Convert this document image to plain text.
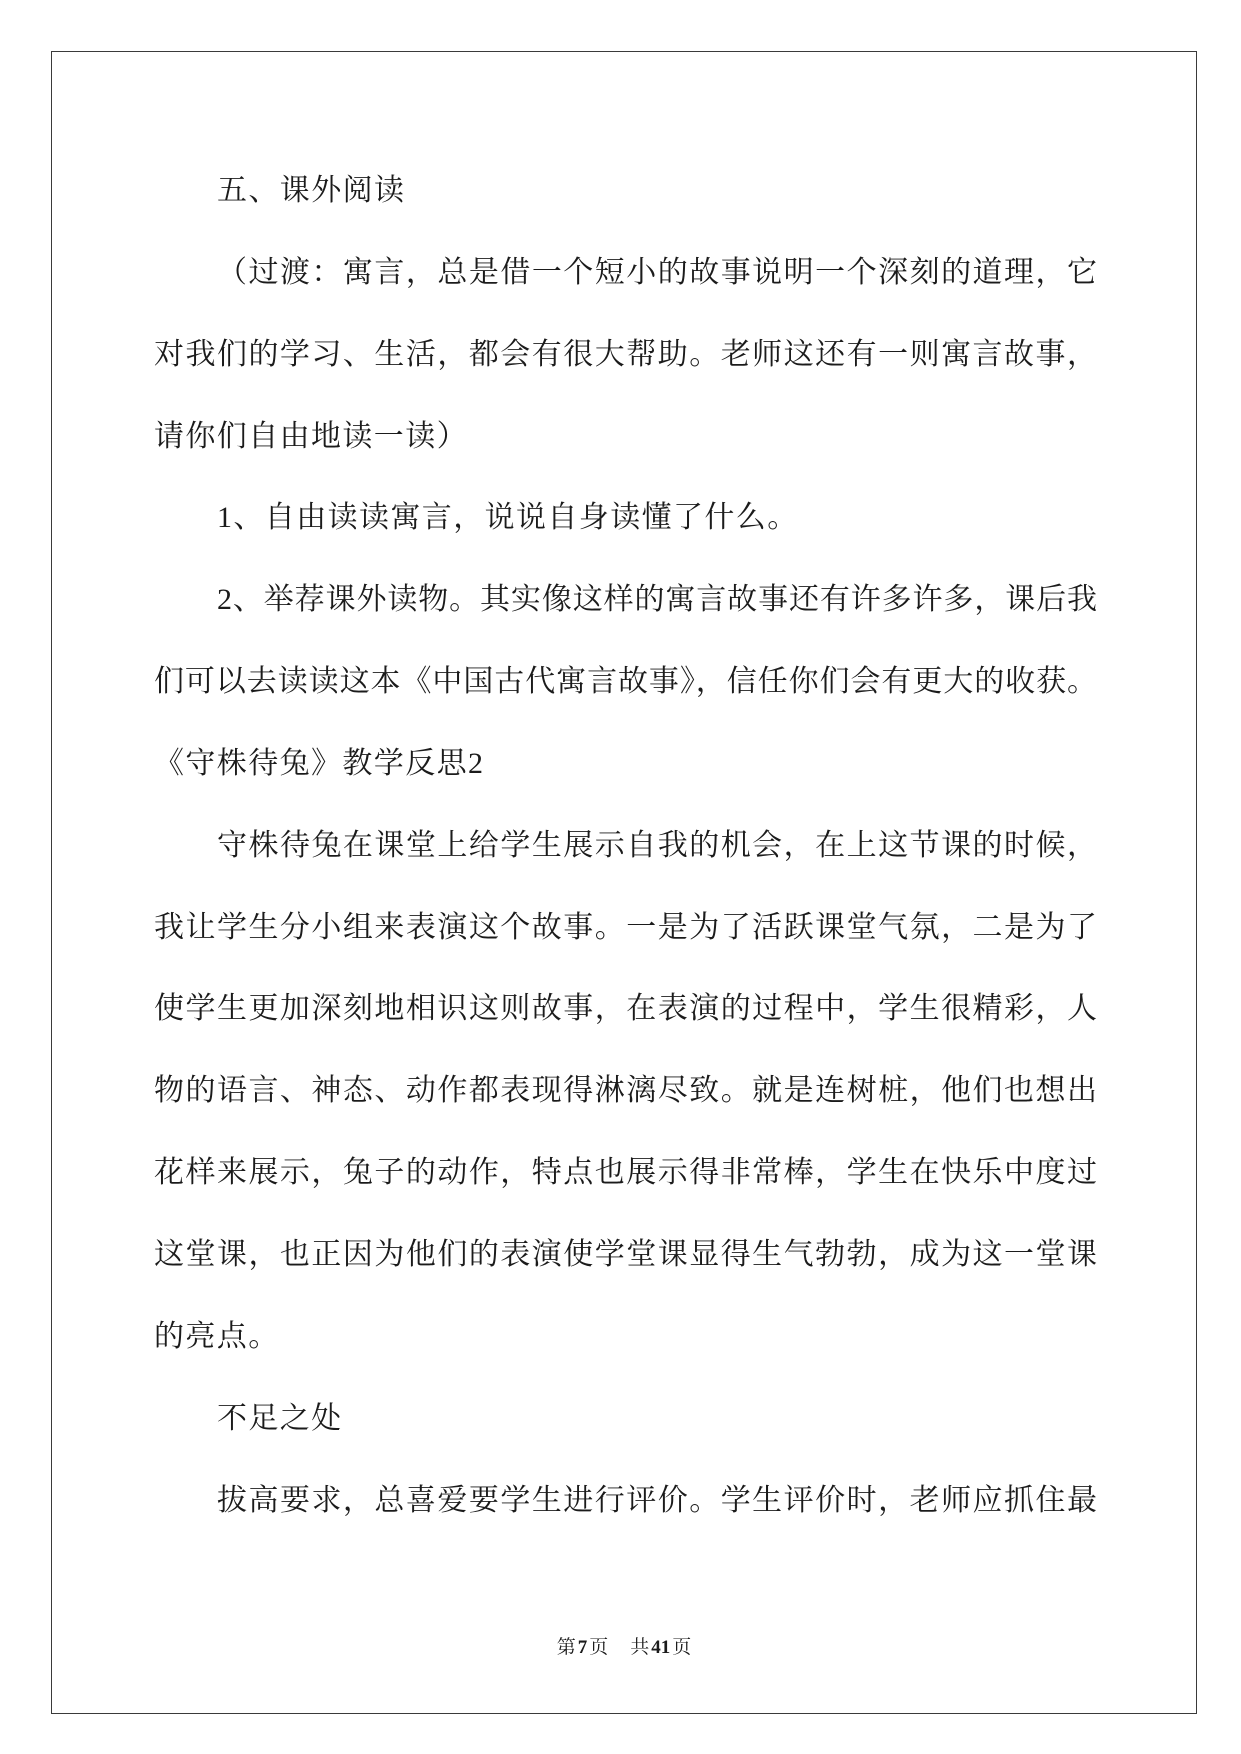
五、课外阅读
（过渡：寓言，总是借一个短小的故事说明一个深刻的道理，它
对我们的学习、生活，都会有很大帮助。老师这还有一则寓言故事，
请你们自由地读一读）
1、自由读读寓言，说说自身读懂了什么。
2、举荐课外读物。其实像这样的寓言故事还有许多许多，课后我
们可以去读读这本《中国古代寓言故事》，信任你们会有更大的收获。
《守株待兔》教学反思2
守株待兔在课堂上给学生展示自我的机会，在上这节课的时候，
我让学生分小组来表演这个故事。一是为了活跃课堂气氛，二是为了
使学生更加深刻地相识这则故事，在表演的过程中，学生很精彩，人
物的语言、神态、动作都表现得淋漓尽致。就是连树桩，他们也想出
花样来展示，兔子的动作，特点也展示得非常棒，学生在快乐中度过
这堂课，也正因为他们的表演使学堂课显得生气勃勃，成为这一堂课
的亮点。
不足之处
拔高要求，总喜爱要学生进行评价。学生评价时，老师应抓住最
第 7 页 共 41 页
